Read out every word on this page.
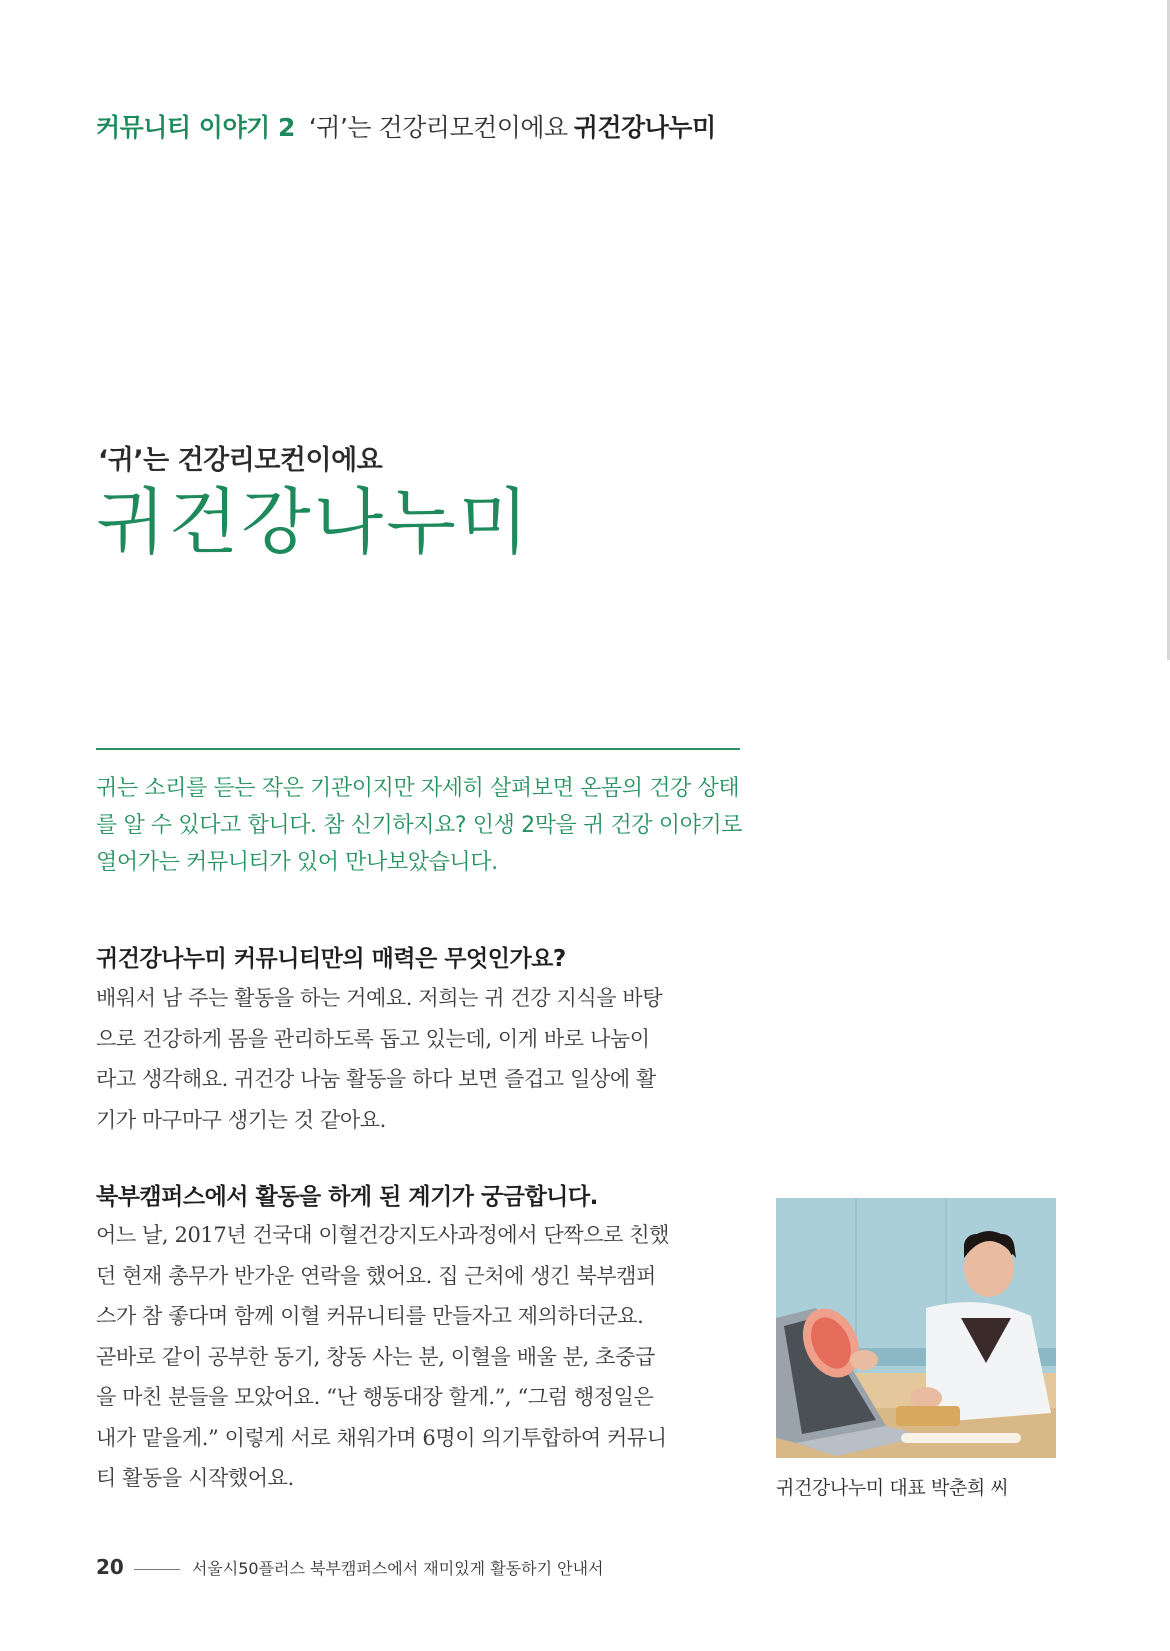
커뮤니티 이야기 2 ‘귀’는 건강리모컨이에요 귀건강나누미
‘귀’는 건강리모컨이에요
귀건강나누미

귀는 소리를 듣는 작은 기관이지만 자세히 살펴보면 온몸의 건강 상태

를 알 수 있다고 합니다. 참 신기하지요? 인생 2막을 귀 건강 이야기로

열어가는 커뮤니티가 있어 만나보았습니다.

귀건강나누미 커뮤니티만의 매력은 무엇인가요?

배워서 남 주는 활동을 하는 거예요. 저희는 귀 건강 지식을 바탕

으로 건강하게 몸을 관리하도록 돕고 있는데, 이게 바로 나눔이

라고 생각해요. 귀건강 나눔 활동을 하다 보면 즐겁고 일상에 활

기가 마구마구 생기는 것 같아요.

북부캠퍼스에서 활동을 하게 된 계기가 궁금합니다.

어느 날, 2017년 건국대 이혈건강지도사과정에서 단짝으로 친했

던 현재 총무가 반가운 연락을 했어요. 집 근처에 생긴 북부캠퍼

스가 참 좋다며 함께 이혈 커뮤니티를 만들자고 제의하더군요.

곧바로 같이 공부한 동기, 창동 사는 분, 이혈을 배울 분, 초중급

을 마친 분들을 모았어요. “난 행동대장 할게.”, “그럼 행정일은

내가 맡을게.” 이렇게 서로 채워가며 6명이 의기투합하여 커뮤니

티 활동을 시작했어요.	귀건강나누미 대표 박춘희 씨
20	서울시50플러스 북부캠퍼스에서 재미있게 활동하기 안내서
